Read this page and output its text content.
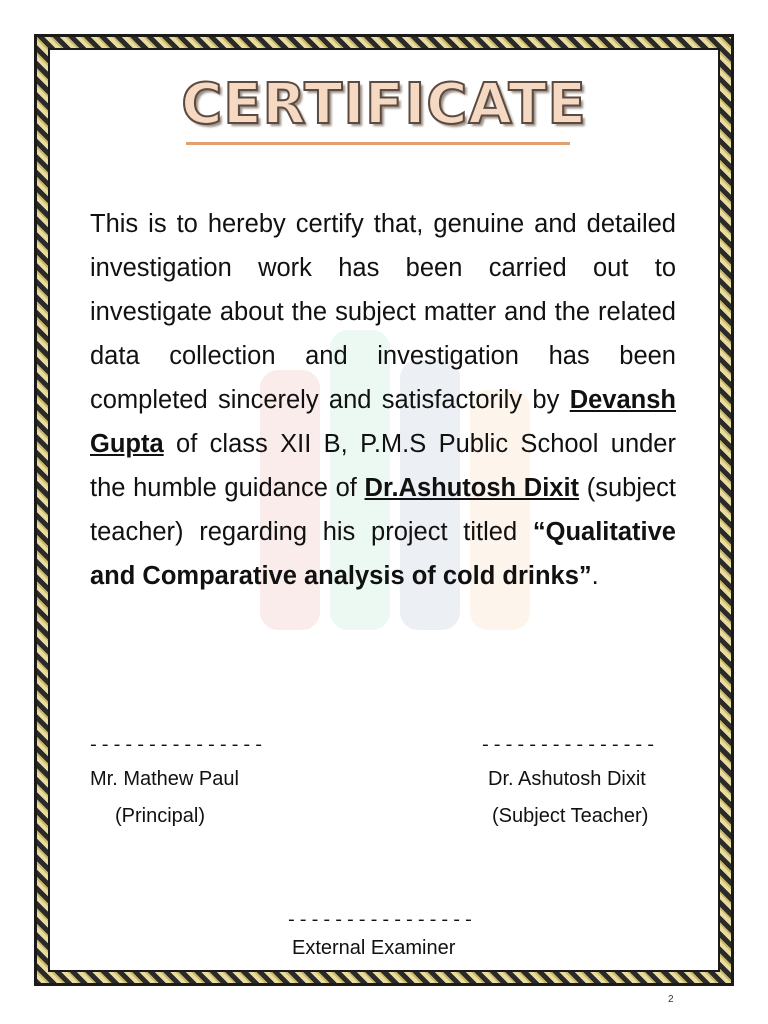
CERTIFICATE
This is to hereby certify that, genuine and detailed investigation work has been carried out to investigate about the subject matter and the related data collection and investigation has been completed sincerely and satisfactorily by Devansh Gupta of class XII B, P.M.S Public School under the humble guidance of Dr.Ashutosh Dixit (subject teacher) regarding his project titled “Qualitative and Comparative analysis of cold drinks”.
---------------
Mr. Mathew Paul
(Principal)
---------------
Dr. Ashutosh Dixit
(Subject Teacher)
----------------
External Examiner
2
